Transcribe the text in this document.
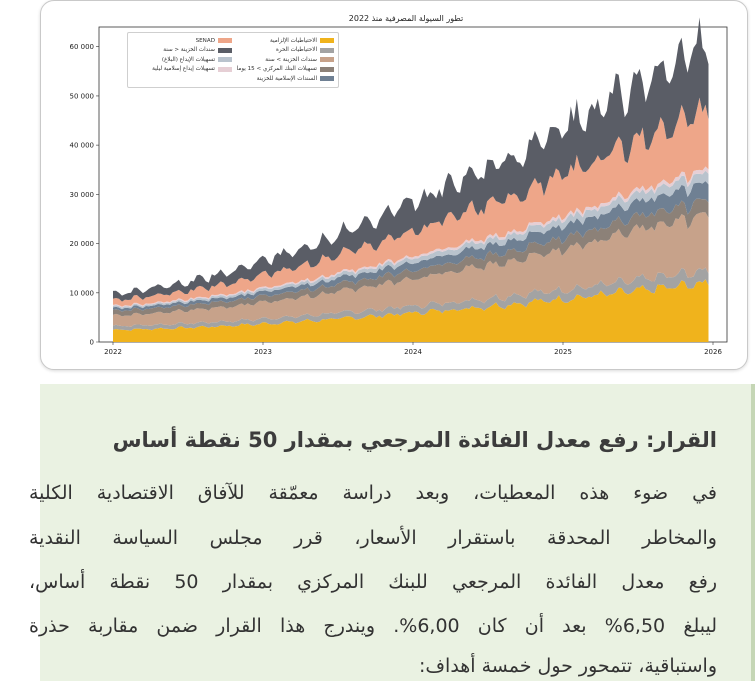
تطور السيولة المصرفية منذ 2022
0
10 000
20 000
30 000
40 000
50 000
60 000
2022	2023	2024	2025	2026
الاحتياطيات الإلزامية
الاحتياطيات الحرة
سندات الخزينة > سنة
تسهيلات البنك المركزي > 15 يوما
السندات الإسلامية للخزينة
SENAD
سندات الخزينة < سنة
تسهيلات الإيداع (البلاغ)
تسهيلات إيداع إسلامية ليلية
القرار: رفع معدل الفائدة المرجعي بمقدار 50 نقطة أساس

في ضوء هذه المعطيات، وبعد دراسة معمّقة للآفاق الاقتصادية الكلية

والمخاطر المحدقة باستقرار الأسعار، قرر مجلس السياسة النقدية

رفع معدل الفائدة المرجعي للبنك المركزي بمقدار 50 نقطة أساس،

ليبلغ 6,50% بعد أن كان 6,00%. ويندرج هذا القرار ضمن مقاربة حذرة

واستباقية، تتمحور حول خمسة أهداف:
